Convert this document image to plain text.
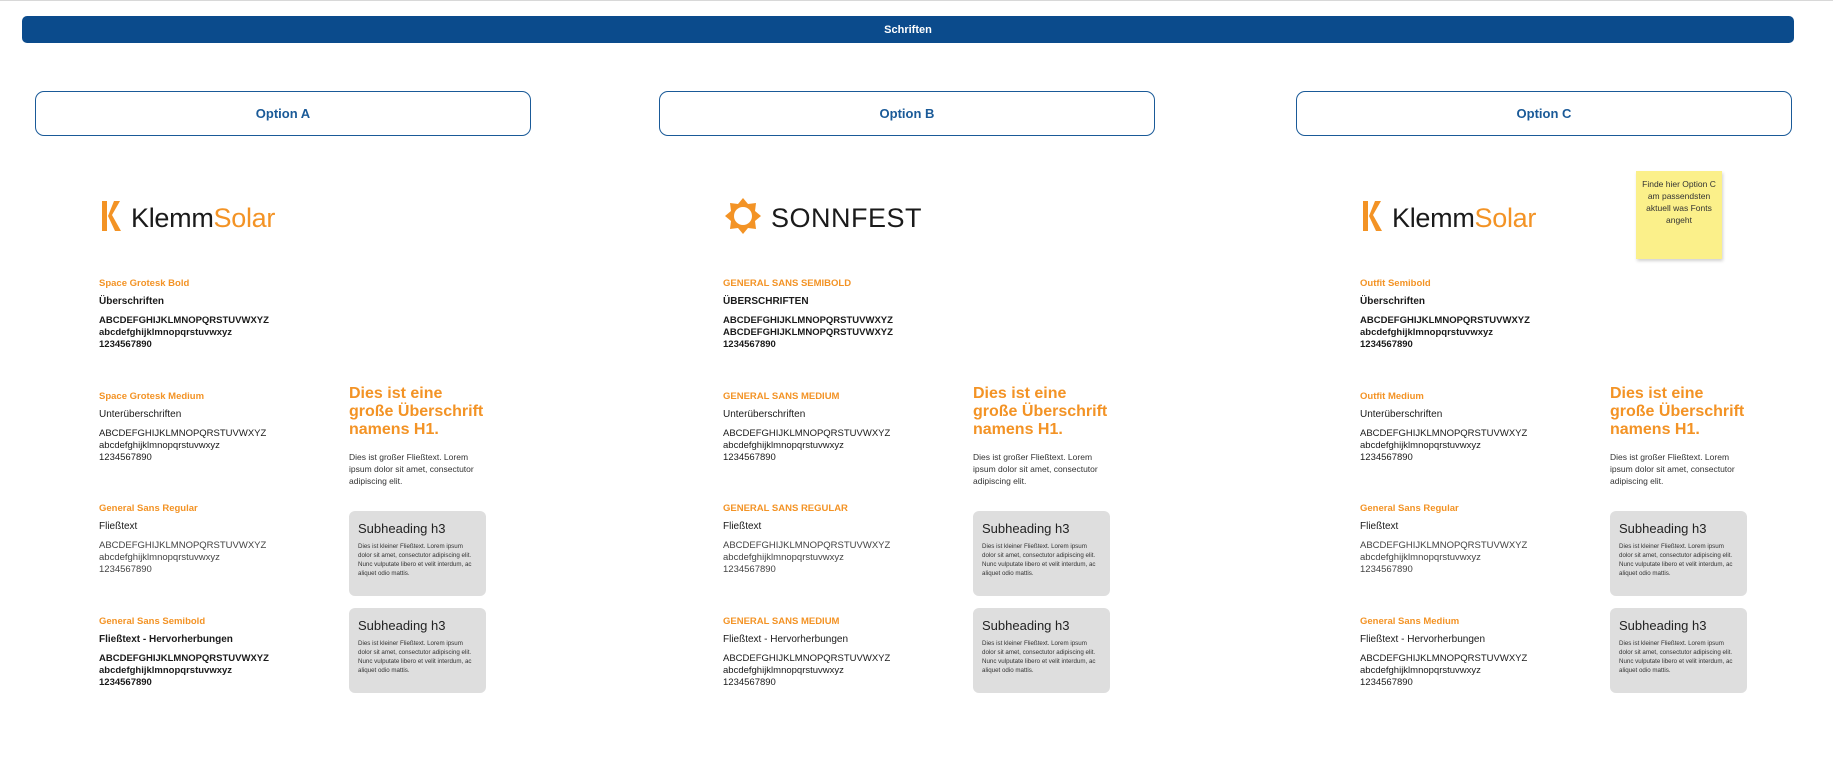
Schriften
Option A	Option B	Option C
KlemmSolar
Space Grotesk Bold
Überschriften
ABCDEFGHIJKLMNOPQRSTUVWXYZ
abcdefghijklmnopqrstuvwxyz
1234567890
Space Grotesk Medium
Unterüberschriften
ABCDEFGHIJKLMNOPQRSTUVWXYZ
abcdefghijklmnopqrstuvwxyz
1234567890
General Sans Regular
Fließtext
ABCDEFGHIJKLMNOPQRSTUVWXYZ
abcdefghijklmnopqrstuvwxyz
1234567890
General Sans Semibold
Fließtext - Hervorherbungen
ABCDEFGHIJKLMNOPQRSTUVWXYZ
abcdefghijklmnopqrstuvwxyz
1234567890
Dies ist eine große Überschrift namens H1.
Dies ist großer Fließtext. Lorem ipsum dolor sit amet, consectutor adipiscing elit.
Subheading h3
Dies ist kleiner Fließtext. Lorem ipsum dolor sit amet, consectutor adipiscing elit. Nunc vulputate libero et velit interdum, ac aliquet odio mattis.
Subheading h3
Dies ist kleiner Fließtext. Lorem ipsum dolor sit amet, consectutor adipiscing elit. Nunc vulputate libero et velit interdum, ac aliquet odio mattis.
SONNFEST
GENERAL SANS SEMIBOLD
ÜBERSCHRIFTEN
ABCDEFGHIJKLMNOPQRSTUVWXYZ
ABCDEFGHIJKLMNOPQRSTUVWXYZ
1234567890
GENERAL SANS MEDIUM
Unterüberschriften
ABCDEFGHIJKLMNOPQRSTUVWXYZ
abcdefghijklmnopqrstuvwxyz
1234567890
GENERAL SANS REGULAR
Fließtext
ABCDEFGHIJKLMNOPQRSTUVWXYZ
abcdefghijklmnopqrstuvwxyz
1234567890
GENERAL SANS MEDIUM
Fließtext - Hervorherbungen
ABCDEFGHIJKLMNOPQRSTUVWXYZ
abcdefghijklmnopqrstuvwxyz
1234567890
Dies ist eine große Überschrift namens H1.
Dies ist großer Fließtext. Lorem ipsum dolor sit amet, consectutor adipiscing elit.
Subheading h3
Dies ist kleiner Fließtext. Lorem ipsum dolor sit amet, consectutor adipiscing elit. Nunc vulputate libero et velit interdum, ac aliquet odio mattis.
Subheading h3
Dies ist kleiner Fließtext. Lorem ipsum dolor sit amet, consectutor adipiscing elit. Nunc vulputate libero et velit interdum, ac aliquet odio mattis.
KlemmSolar
Outfit Semibold
Überschriften
ABCDEFGHIJKLMNOPQRSTUVWXYZ
abcdefghijklmnopqrstuvwxyz
1234567890
Outfit Medium
Unterüberschriften
ABCDEFGHIJKLMNOPQRSTUVWXYZ
abcdefghijklmnopqrstuvwxyz
1234567890
General Sans Regular
Fließtext
ABCDEFGHIJKLMNOPQRSTUVWXYZ
abcdefghijklmnopqrstuvwxyz
1234567890
General Sans Medium
Fließtext - Hervorherbungen
ABCDEFGHIJKLMNOPQRSTUVWXYZ
abcdefghijklmnopqrstuvwxyz
1234567890
Dies ist eine große Überschrift namens H1.
Dies ist großer Fließtext. Lorem ipsum dolor sit amet, consectutor adipiscing elit.
Subheading h3
Dies ist kleiner Fließtext. Lorem ipsum dolor sit amet, consectutor adipiscing elit. Nunc vulputate libero et velit interdum, ac aliquet odio mattis.
Subheading h3
Dies ist kleiner Fließtext. Lorem ipsum dolor sit amet, consectutor adipiscing elit. Nunc vulputate libero et velit interdum, ac aliquet odio mattis.
Finde hier Option C am passendsten aktuell was Fonts angeht
